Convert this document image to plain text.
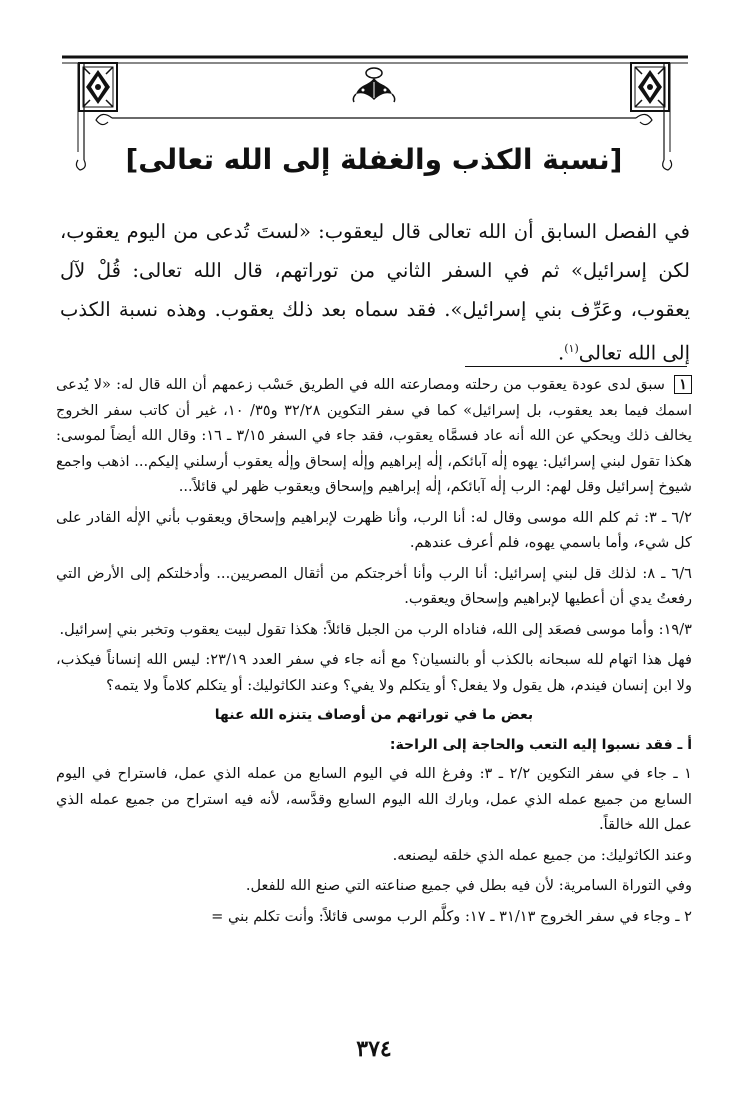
[نسبة الكذب والغفلة إلى الله تعالى]
في الفصل السابق أن الله تعالى قال ليعقوب: «لستَ تُدعى من اليوم يعقوب، لكن إسرائيل» ثم في السفر الثاني من توراتهم، قال الله تعالى: قُلْ لآل يعقوب، وعَرِّف بني إسرائيل». فقد سماه بعد ذلك يعقوب. وهذه نسبة الكذب إلى الله تعالى$^{(١)}$.

١ سبق لدى عودة يعقوب من رحلته ومصارعته الله في الطريق حَسْب زعمهم أن الله قال له: «لا يُدعى اسمك فيما بعد يعقوب، بل إسرائيل» كما في سفر التكوين ٣٢/٢٨ و٣٥/ ١٠، غير أن كاتب سفر الخروج يخالف ذلك ويحكي عن الله أنه عاد فسمَّاه يعقوب، فقد جاء في السفر ٣/١٥ ـ ١٦: وقال الله أيضاً لموسى: هكذا تقول لبني إسرائيل: يهوه إلٰه آبائكم، إلٰه إبراهيم وإلٰه إسحاق وإلٰه يعقوب أرسلني إليكم... اذهب واجمع شيوخ إسرائيل وقل لهم: الرب إلٰه آبائكم، إلٰه إبراهيم وإسحاق ويعقوب ظهر لي قائلاً...

٦/٢ ـ ٣: ثم كلم الله موسى وقال له: أنا الرب، وأنا ظهرت لإبراهيم وإسحاق ويعقوب بأني الإلٰه القادر على كل شيء، وأما باسمي يهوه، فلم أعرف عندهم.

٦/٦ ـ ٨: لذلك قل لبني إسرائيل: أنا الرب وأنا أخرجتكم من أثقال المصريين... وأدخلتكم إلى الأرض التي رفعتُ يدي أن أعطيها لإبراهيم وإسحاق ويعقوب.

١٩/٣: وأما موسى فصعَد إلى الله، فناداه الرب من الجبل قائلاً: هكذا تقول لبيت يعقوب وتخبر بني إسرائيل.

فهل هذا اتهام لله سبحانه بالكذب أو بالنسيان؟ مع أنه جاء في سفر العدد ٢٣/١٩: ليس الله إنساناً فيكذب، ولا ابن إنسان فيندم، هل يقول ولا يفعل؟ أو يتكلم ولا يفي؟ وعند الكاثوليك: أو يتكلم كلاماً ولا يتمه؟

بعض ما في توراتهم من أوصاف يتنزه الله عنها

أ ـ فقد نسبوا إليه التعب والحاجة إلى الراحة:

١ ـ جاء في سفر التكوين ٢/٢ ـ ٣: وفرغ الله في اليوم السابع من عمله الذي عمل، فاستراح في اليوم السابع من جميع عمله الذي عمل، وبارك الله اليوم السابع وقدَّسه، لأنه فيه استراح من جميع عمله الذي عمل الله خالقاً.

وعند الكاثوليك: من جميع عمله الذي خلقه ليصنعه.

وفي التوراة السامرية: لأن فيه بطل في جميع صناعته التي صنع الله للفعل.

٢ ـ وجاء في سفر الخروج ٣١/١٣ ـ ١٧: وكلَّم الرب موسى قائلاً: وأنت تكلم بني =

٣٧٤
